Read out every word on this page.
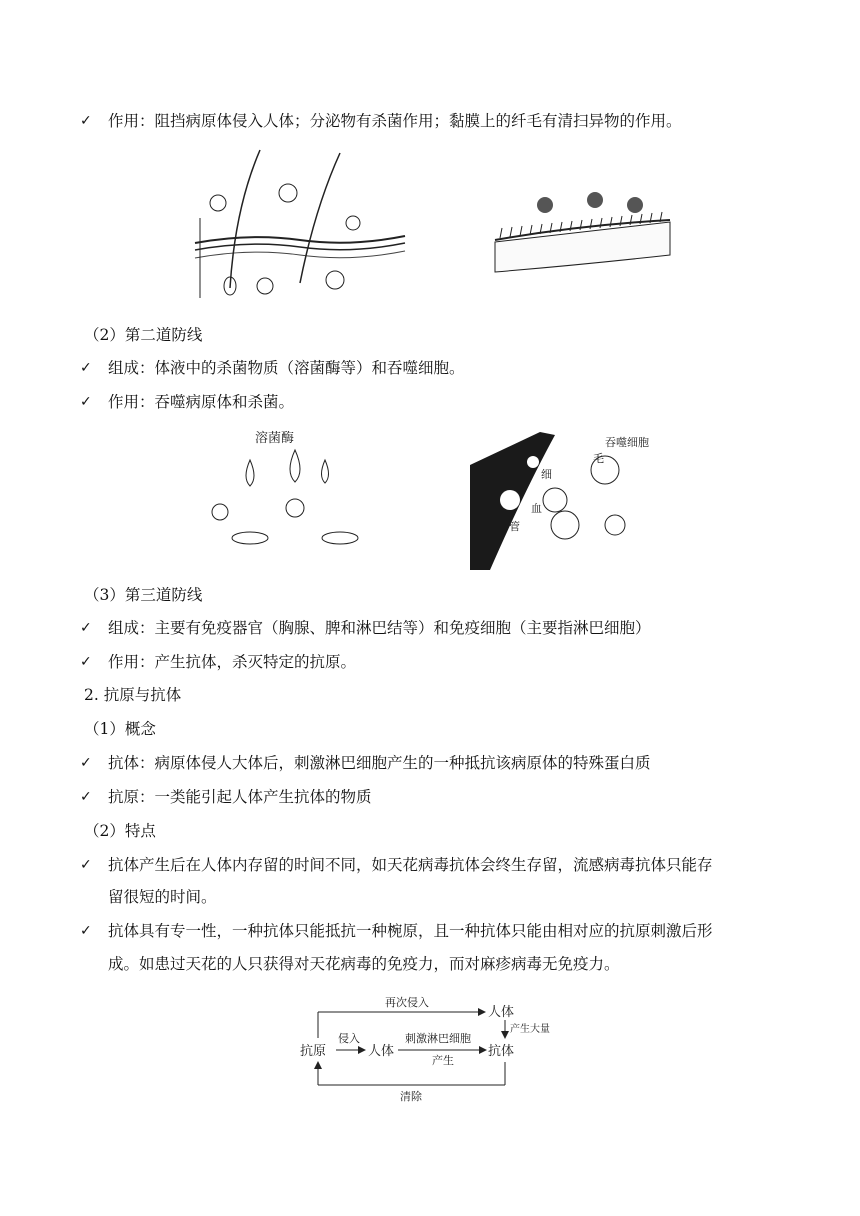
✓ 作用：阻挡病原体侵入人体；分泌物有杀菌作用；黏膜上的纤毛有清扫异物的作用。
（2）第二道防线
✓ 组成：体液中的杀菌物质（溶菌酶等）和吞噬细胞。
✓ 作用：吞噬病原体和杀菌。
溶菌酶	吞噬细胞
毛
细
血
管
（3）第三道防线
✓ 组成：主要有免疫器官（胸腺、脾和淋巴结等）和免疫细胞（主要指淋巴细胞）
✓ 作用：产生抗体，杀灭特定的抗原。
2. 抗原与抗体
（1）概念
✓ 抗体：病原体侵人大体后，刺激淋巴细胞产生的一种抵抗该病原体的特殊蛋白质
✓ 抗原：一类能引起人体产生抗体的物质
（2）特点
✓ 抗体产生后在人体内存留的时间不同，如天花病毒抗体会终生存留，流感病毒抗体只能存
留很短的时间。
✓ 抗体具有专一性，一种抗体只能抵抗一种椀原，且一种抗体只能由相对应的抗原刺激后形
成。如患过天花的人只获得对天花病毒的免疫力，而对麻疹病毒无免疫力。
抗原
侵入
人体
刺激淋巴细胞
产生
抗体
再次侵入
人体
产生大量
清除
